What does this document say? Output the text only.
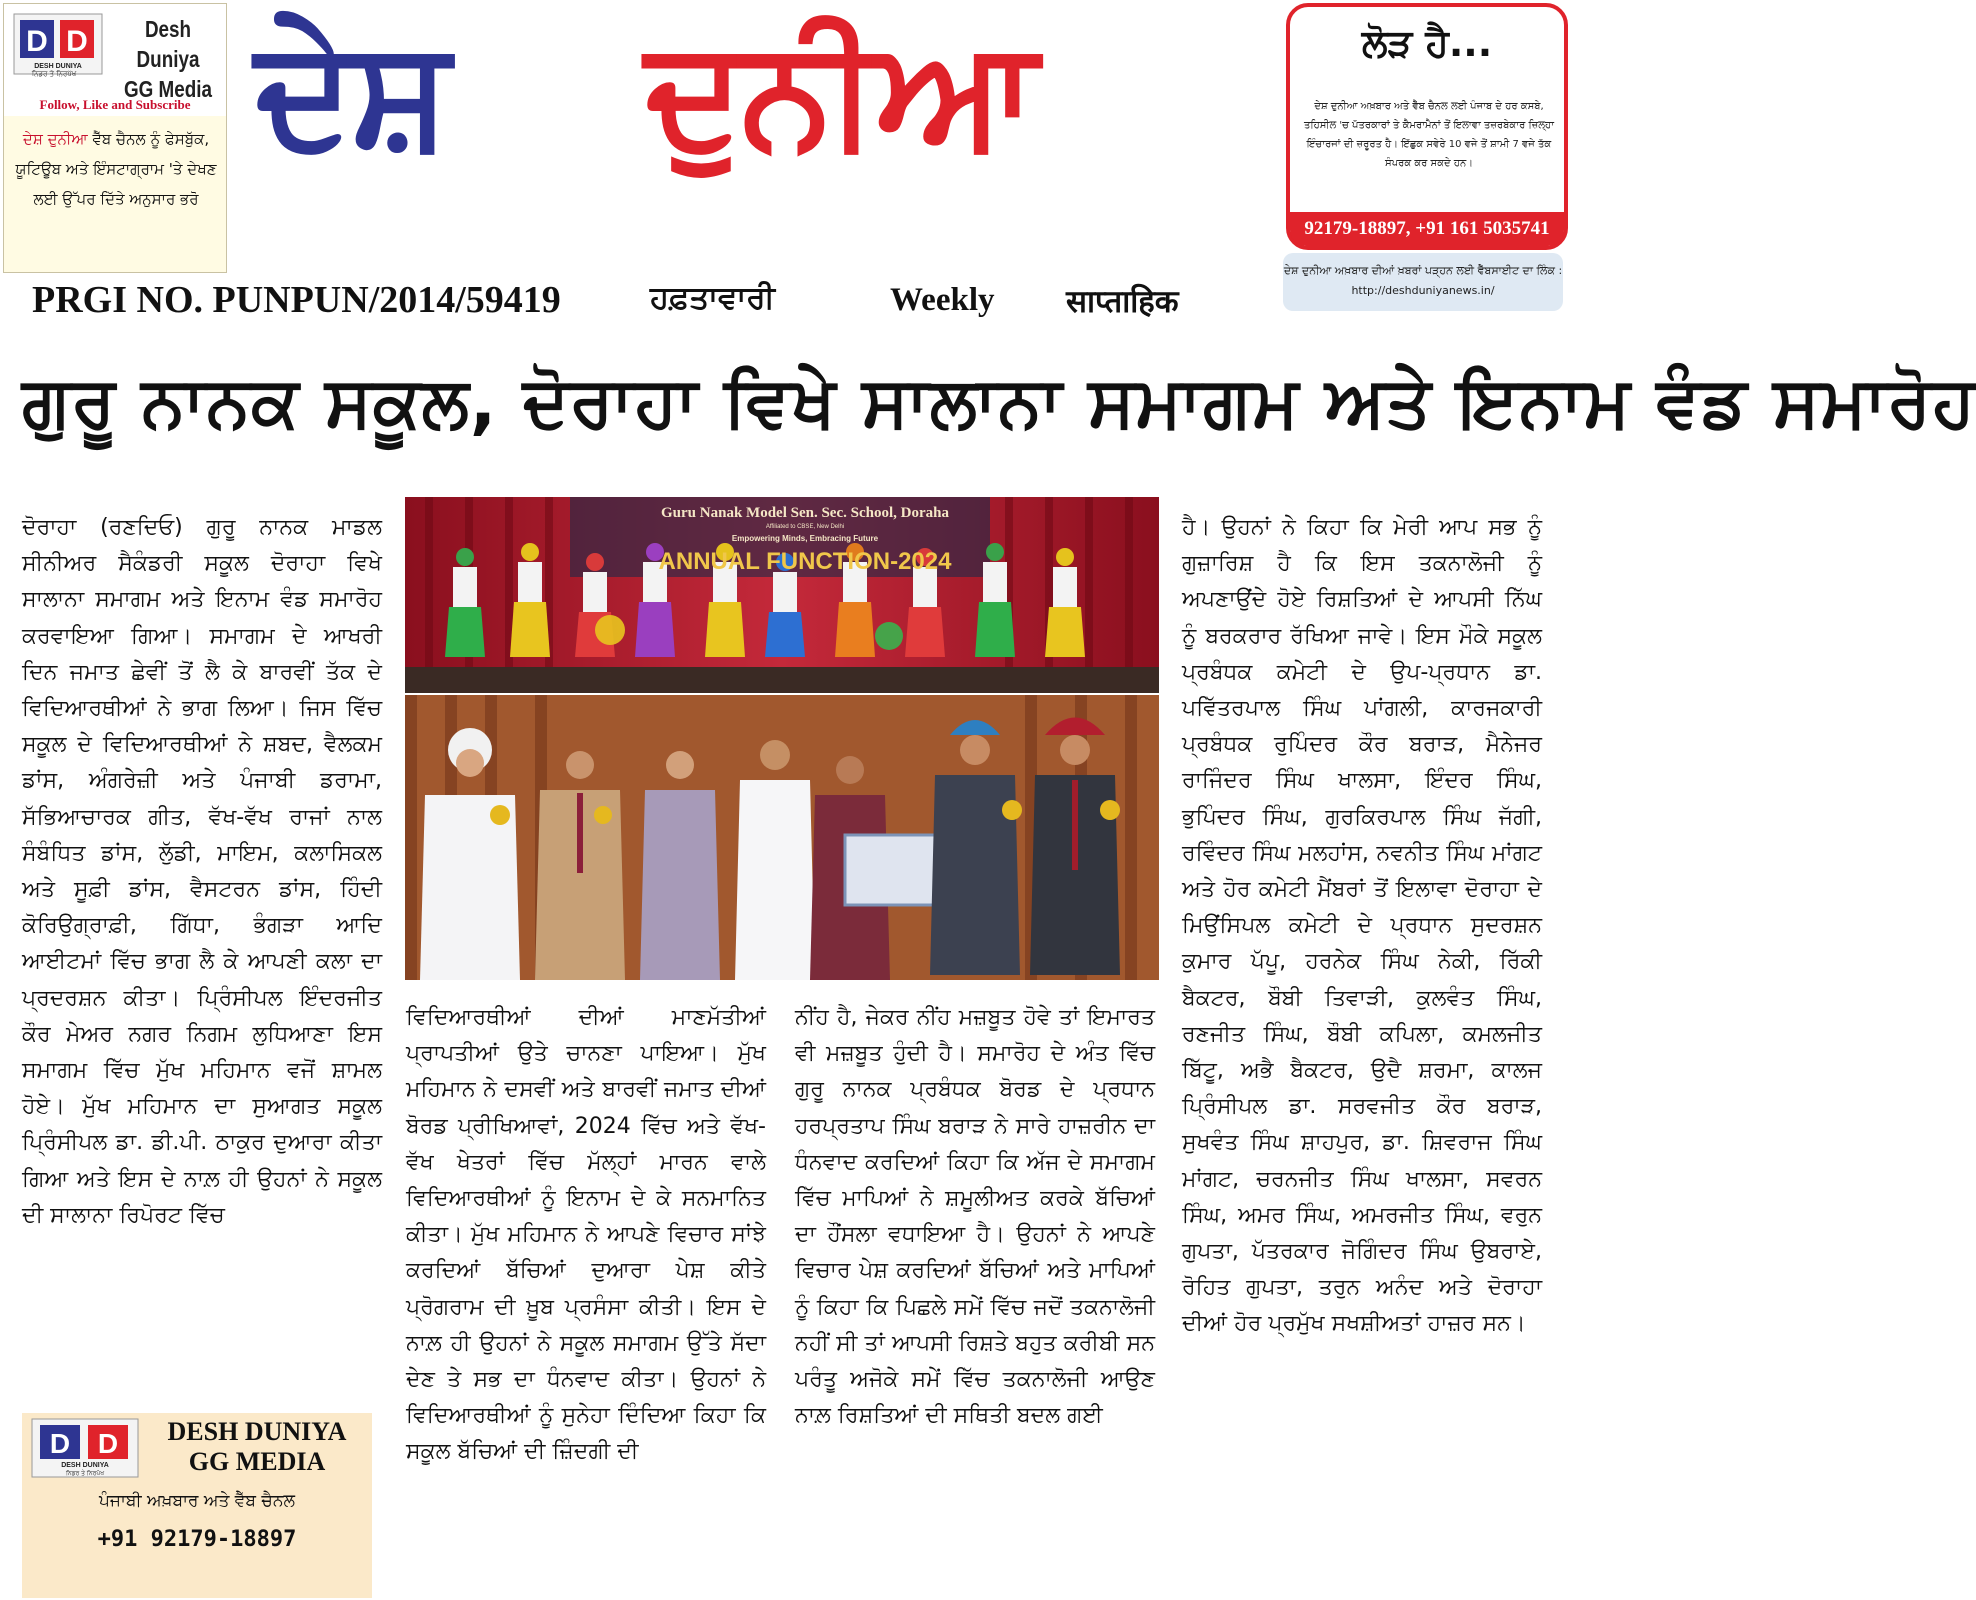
D D
DESH DUNIYA
ਨਿਡਰ ਤੇ ਨਿਰਪੱਖ
Desh Duniya
GG Media
Follow, Like and Subscribe
ਦੇਸ਼ ਦੁਨੀਆ ਵੈੱਬ ਚੈਨਲ ਨੂੰ ਫੇਸਬੁੱਕ, ਯੂਟਿਊਬ ਅਤੇ ਇੰਸਟਾਗ੍ਰਾਮ 'ਤੇ ਦੇਖਣ ਲਈ ਉੱਪਰ ਦਿੱਤੇ ਅਨੁਸਾਰ ਭਰੋ
ਦੇਸ਼ ਦੁਨੀਆ	ਲੋੜ ਹੈ...
ਦੇਸ਼ ਦੁਨੀਆ ਅਖ਼ਬਾਰ ਅਤੇ ਵੈੱਬ ਚੈਨਲ ਲਈ ਪੰਜਾਬ ਦੇ ਹਰ ਕਸਬੇ, ਤਹਿਸੀਲ 'ਚ ਪੱਤਰਕਾਰਾਂ ਤੇ ਕੈਮਰਾਮੈਨਾਂ ਤੋਂ ਇਲਾਵਾ ਤਜ਼ਰਬੇਕਾਰ ਜ਼ਿਲ੍ਹਾ ਇੰਚਾਰਜਾਂ ਦੀ ਜ਼ਰੂਰਤ ਹੈ। ਇੱਛੁਕ ਸਵੇਰੇ 10 ਵਜੇ ਤੋਂ ਸ਼ਾਮੀ 7 ਵਜੇ ਤੱਕ ਸੰਪਰਕ ਕਰ ਸਕਦੇ ਹਨ।
92179-18897, +91 161 5035741
ਦੇਸ਼ ਦੁਨੀਆ ਅਖ਼ਬਾਰ ਦੀਆਂ ਖ਼ਬਰਾਂ ਪੜ੍ਹਨ ਲਈ ਵੈੱਬਸਾਈਟ ਦਾ ਲਿੰਕ : http://deshduniyanews.in/
PRGI NO. PUNPUN/2014/59419	ਹਫ਼ਤਾਵਾਰੀ	Weekly साप्ताहिक
ਗੁਰੂ ਨਾਨਕ ਸਕੂਲ, ਦੋਰਾਹਾ ਵਿਖੇ ਸਾਲਾਨਾ ਸਮਾਗਮ ਅਤੇ ਇਨਾਮ ਵੰਡ ਸਮਾਰੋਹ
ਦੋਰਾਹਾ (ਰਣਦਿਓ) ਗੁਰੂ ਨਾਨਕ ਮਾਡਲ ਸੀਨੀਅਰ ਸੈਕੰਡਰੀ ਸਕੂਲ ਦੋਰਾਹਾ ਵਿਖੇ ਸਾਲਾਨਾ ਸਮਾਗਮ ਅਤੇ ਇਨਾਮ ਵੰਡ ਸਮਾਰੋਹ ਕਰਵਾਇਆ ਗਿਆ। ਸਮਾਗਮ ਦੇ ਆਖਰੀ ਦਿਨ ਜਮਾਤ ਛੇਵੀਂ ਤੋਂ ਲੈ ਕੇ ਬਾਰਵੀਂ ਤੱਕ ਦੇ ਵਿਦਿਆਰਥੀਆਂ ਨੇ ਭਾਗ ਲਿਆ। ਜਿਸ ਵਿੱਚ ਸਕੂਲ ਦੇ ਵਿਦਿਆਰਥੀਆਂ ਨੇ ਸ਼ਬਦ, ਵੈਲਕਮ ਡਾਂਸ, ਅੰਗਰੇਜ਼ੀ ਅਤੇ ਪੰਜਾਬੀ ਡਰਾਮਾ, ਸੱਭਿਆਚਾਰਕ ਗੀਤ, ਵੱਖ-ਵੱਖ ਰਾਜਾਂ ਨਾਲ ਸੰਬੰਧਿਤ ਡਾਂਸ, ਲੁੱਡੀ, ਮਾਇਮ, ਕਲਾਸਿਕਲ ਅਤੇ ਸੂਫ਼ੀ ਡਾਂਸ, ਵੈਸਟਰਨ ਡਾਂਸ, ਹਿੰਦੀ ਕੋਰਿਉਗ੍ਰਾਫ਼ੀ, ਗਿੱਧਾ, ਭੰਗੜਾ ਆਦਿ ਆਈਟਮਾਂ ਵਿੱਚ ਭਾਗ ਲੈ ਕੇ ਆਪਣੀ ਕਲਾ ਦਾ ਪ੍ਰਦਰਸ਼ਨ ਕੀਤਾ। ਪ੍ਰਿੰਸੀਪਲ ਇੰਦਰਜੀਤ ਕੌਰ ਮੇਅਰ ਨਗਰ ਨਿਗਮ ਲੁਧਿਆਣਾ ਇਸ ਸਮਾਗਮ ਵਿੱਚ ਮੁੱਖ ਮਹਿਮਾਨ ਵਜੋਂ ਸ਼ਾਮਲ ਹੋਏ। ਮੁੱਖ ਮਹਿਮਾਨ ਦਾ ਸੁਆਗਤ ਸਕੂਲ ਪ੍ਰਿੰਸੀਪਲ ਡਾ. ਡੀ.ਪੀ. ਠਾਕੁਰ ਦੁਆਰਾ ਕੀਤਾ ਗਿਆ ਅਤੇ ਇਸ ਦੇ ਨਾਲ਼ ਹੀ ਉਹਨਾਂ ਨੇ ਸਕੂਲ ਦੀ ਸਾਲਾਨਾ ਰਿਪੋਰਟ ਵਿੱਚ
Guru Nanak Model Sen. Sec. School, Doraha
Affiliated to CBSE, New Delhi
Empowering Minds, Embracing Future
ANNUAL FUNCTION-2024
ਵਿਦਿਆਰਥੀਆਂ ਦੀਆਂ ਮਾਣਮੱਤੀਆਂ ਪ੍ਰਾਪਤੀਆਂ ਉਤੇ ਚਾਨਣਾ ਪਾਇਆ। ਮੁੱਖ ਮਹਿਮਾਨ ਨੇ ਦਸਵੀਂ ਅਤੇ ਬਾਰਵੀਂ ਜਮਾਤ ਦੀਆਂ ਬੋਰਡ ਪ੍ਰੀਖਿਆਵਾਂ, 2024 ਵਿੱਚ ਅਤੇ ਵੱਖ-ਵੱਖ ਖੇਤਰਾਂ ਵਿੱਚ ਮੱਲ੍ਹਾਂ ਮਾਰਨ ਵਾਲੇ ਵਿਦਿਆਰਥੀਆਂ ਨੂੰ ਇਨਾਮ ਦੇ ਕੇ ਸਨਮਾਨਿਤ ਕੀਤਾ। ਮੁੱਖ ਮਹਿਮਾਨ ਨੇ ਆਪਣੇ ਵਿਚਾਰ ਸਾਂਝੇ ਕਰਦਿਆਂ ਬੱਚਿਆਂ ਦੁਆਰਾ ਪੇਸ਼ ਕੀਤੇ ਪ੍ਰੋਗਰਾਮ ਦੀ ਖ਼ੂਬ ਪ੍ਰਸੰਸਾ ਕੀਤੀ। ਇਸ ਦੇ ਨਾਲ਼ ਹੀ ਉਹਨਾਂ ਨੇ ਸਕੂਲ ਸਮਾਗਮ ਉੱਤੇ ਸੱਦਾ ਦੇਣ ਤੇ ਸਭ ਦਾ ਧੰਨਵਾਦ ਕੀਤਾ। ਉਹਨਾਂ ਨੇ ਵਿਦਿਆਰਥੀਆਂ ਨੂੰ ਸੁਨੇਹਾ ਦਿੰਦਿਆ ਕਿਹਾ ਕਿ ਸਕੂਲ ਬੱਚਿਆਂ ਦੀ ਜ਼ਿੰਦਗੀ ਦੀ
ਨੀਂਹ ਹੈ, ਜੇਕਰ ਨੀਂਹ ਮਜ਼ਬੂਤ ਹੋਵੇ ਤਾਂ ਇਮਾਰਤ ਵੀ ਮਜ਼ਬੂਤ ਹੁੰਦੀ ਹੈ। ਸਮਾਰੋਹ ਦੇ ਅੰਤ ਵਿੱਚ ਗੁਰੂ ਨਾਨਕ ਪ੍ਰਬੰਧਕ ਬੋਰਡ ਦੇ ਪ੍ਰਧਾਨ ਹਰਪ੍ਰਤਾਪ ਸਿੰਘ ਬਰਾੜ ਨੇ ਸਾਰੇ ਹਾਜ਼ਰੀਨ ਦਾ ਧੰਨਵਾਦ ਕਰਦਿਆਂ ਕਿਹਾ ਕਿ ਅੱਜ ਦੇ ਸਮਾਗਮ ਵਿੱਚ ਮਾਪਿਆਂ ਨੇ ਸ਼ਮੂਲੀਅਤ ਕਰਕੇ ਬੱਚਿਆਂ ਦਾ ਹੌਂਸਲਾ ਵਧਾਇਆ ਹੈ। ਉਹਨਾਂ ਨੇ ਆਪਣੇ ਵਿਚਾਰ ਪੇਸ਼ ਕਰਦਿਆਂ ਬੱਚਿਆਂ ਅਤੇ ਮਾਪਿਆਂ ਨੂੰ ਕਿਹਾ ਕਿ ਪਿਛਲੇ ਸਮੇਂ ਵਿੱਚ ਜਦੋਂ ਤਕਨਾਲੋਜੀ ਨਹੀਂ ਸੀ ਤਾਂ ਆਪਸੀ ਰਿਸ਼ਤੇ ਬਹੁਤ ਕਰੀਬੀ ਸਨ ਪਰੰਤੂ ਅਜੋਕੇ ਸਮੇਂ ਵਿੱਚ ਤਕਨਾਲੋਜੀ ਆਉਣ ਨਾਲ਼ ਰਿਸ਼ਤਿਆਂ ਦੀ ਸਥਿਤੀ ਬਦਲ ਗਈ
ਹੈ। ਉਹਨਾਂ ਨੇ ਕਿਹਾ ਕਿ ਮੇਰੀ ਆਪ ਸਭ ਨੂੰ ਗੁਜ਼ਾਰਿਸ਼ ਹੈ ਕਿ ਇਸ ਤਕਨਾਲੋਜੀ ਨੂੰ ਅਪਣਾਉਂਦੇ ਹੋਏ ਰਿਸ਼ਤਿਆਂ ਦੇ ਆਪਸੀ ਨਿੱਘ ਨੂੰ ਬਰਕਰਾਰ ਰੱਖਿਆ ਜਾਵੇ। ਇਸ ਮੌਕੇ ਸਕੂਲ ਪ੍ਰਬੰਧਕ ਕਮੇਟੀ ਦੇ ਉਪ-ਪ੍ਰਧਾਨ ਡਾ. ਪਵਿੱਤਰਪਾਲ ਸਿੰਘ ਪਾਂਗਲੀ, ਕਾਰਜਕਾਰੀ ਪ੍ਰਬੰਧਕ ਰੁਪਿੰਦਰ ਕੌਰ ਬਰਾੜ, ਮੈਨੇਜਰ ਰਾਜਿੰਦਰ ਸਿੰਘ ਖਾਲਸਾ, ਇੰਦਰ ਸਿੰਘ, ਭੁਪਿੰਦਰ ਸਿੰਘ, ਗੁਰਕਿਰਪਾਲ ਸਿੰਘ ਜੱਗੀ, ਰਵਿੰਦਰ ਸਿੰਘ ਮਲਹਾਂਸ, ਨਵਨੀਤ ਸਿੰਘ ਮਾਂਗਟ ਅਤੇ ਹੋਰ ਕਮੇਟੀ ਮੈਂਬਰਾਂ ਤੋਂ ਇਲਾਵਾ ਦੋਰਾਹਾ ਦੇ ਮਿਉਂਸਿਪਲ ਕਮੇਟੀ ਦੇ ਪ੍ਰਧਾਨ ਸੁਦਰਸ਼ਨ ਕੁਮਾਰ ਪੱਪੂ, ਹਰਨੇਕ ਸਿੰਘ ਨੇਕੀ, ਰਿੱਕੀ ਬੈਕਟਰ, ਬੌਬੀ ਤਿਵਾੜੀ, ਕੁਲਵੰਤ ਸਿੰਘ, ਰਣਜੀਤ ਸਿੰਘ, ਬੌਬੀ ਕਪਿਲਾ, ਕਮਲਜੀਤ ਬਿੱਟੂ, ਅਭੈ ਬੈਕਟਰ, ਉਦੈ ਸ਼ਰਮਾ, ਕਾਲਜ ਪ੍ਰਿੰਸੀਪਲ ਡਾ. ਸਰਵਜੀਤ ਕੌਰ ਬਰਾੜ, ਸੁਖਵੰਤ ਸਿੰਘ ਸ਼ਾਹਪੁਰ, ਡਾ. ਸ਼ਿਵਰਾਜ ਸਿੰਘ ਮਾਂਗਟ, ਚਰਨਜੀਤ ਸਿੰਘ ਖਾਲਸਾ, ਸਵਰਨ ਸਿੰਘ, ਅਮਰ ਸਿੰਘ, ਅਮਰਜੀਤ ਸਿੰਘ, ਵਰੁਨ ਗੁਪਤਾ, ਪੱਤਰਕਾਰ ਜੋਗਿੰਦਰ ਸਿੰਘ ਉਬਰਾਏ, ਰੋਹਿਤ ਗੁਪਤਾ, ਤਰੁਨ ਅਨੰਦ ਅਤੇ ਦੋਰਾਹਾ ਦੀਆਂ ਹੋਰ ਪ੍ਰਮੁੱਖ ਸਖਸ਼ੀਅਤਾਂ ਹਾਜ਼ਰ ਸਨ।
D D
DESH DUNIYA
ਨਿਡਰ ਤੇ ਨਿਰਪੱਖ
DESH DUNIYA
GG MEDIA
ਪੰਜਾਬੀ ਅਖ਼ਬਾਰ ਅਤੇ ਵੈੱਬ ਚੈਨਲ
+91 92179-18897
